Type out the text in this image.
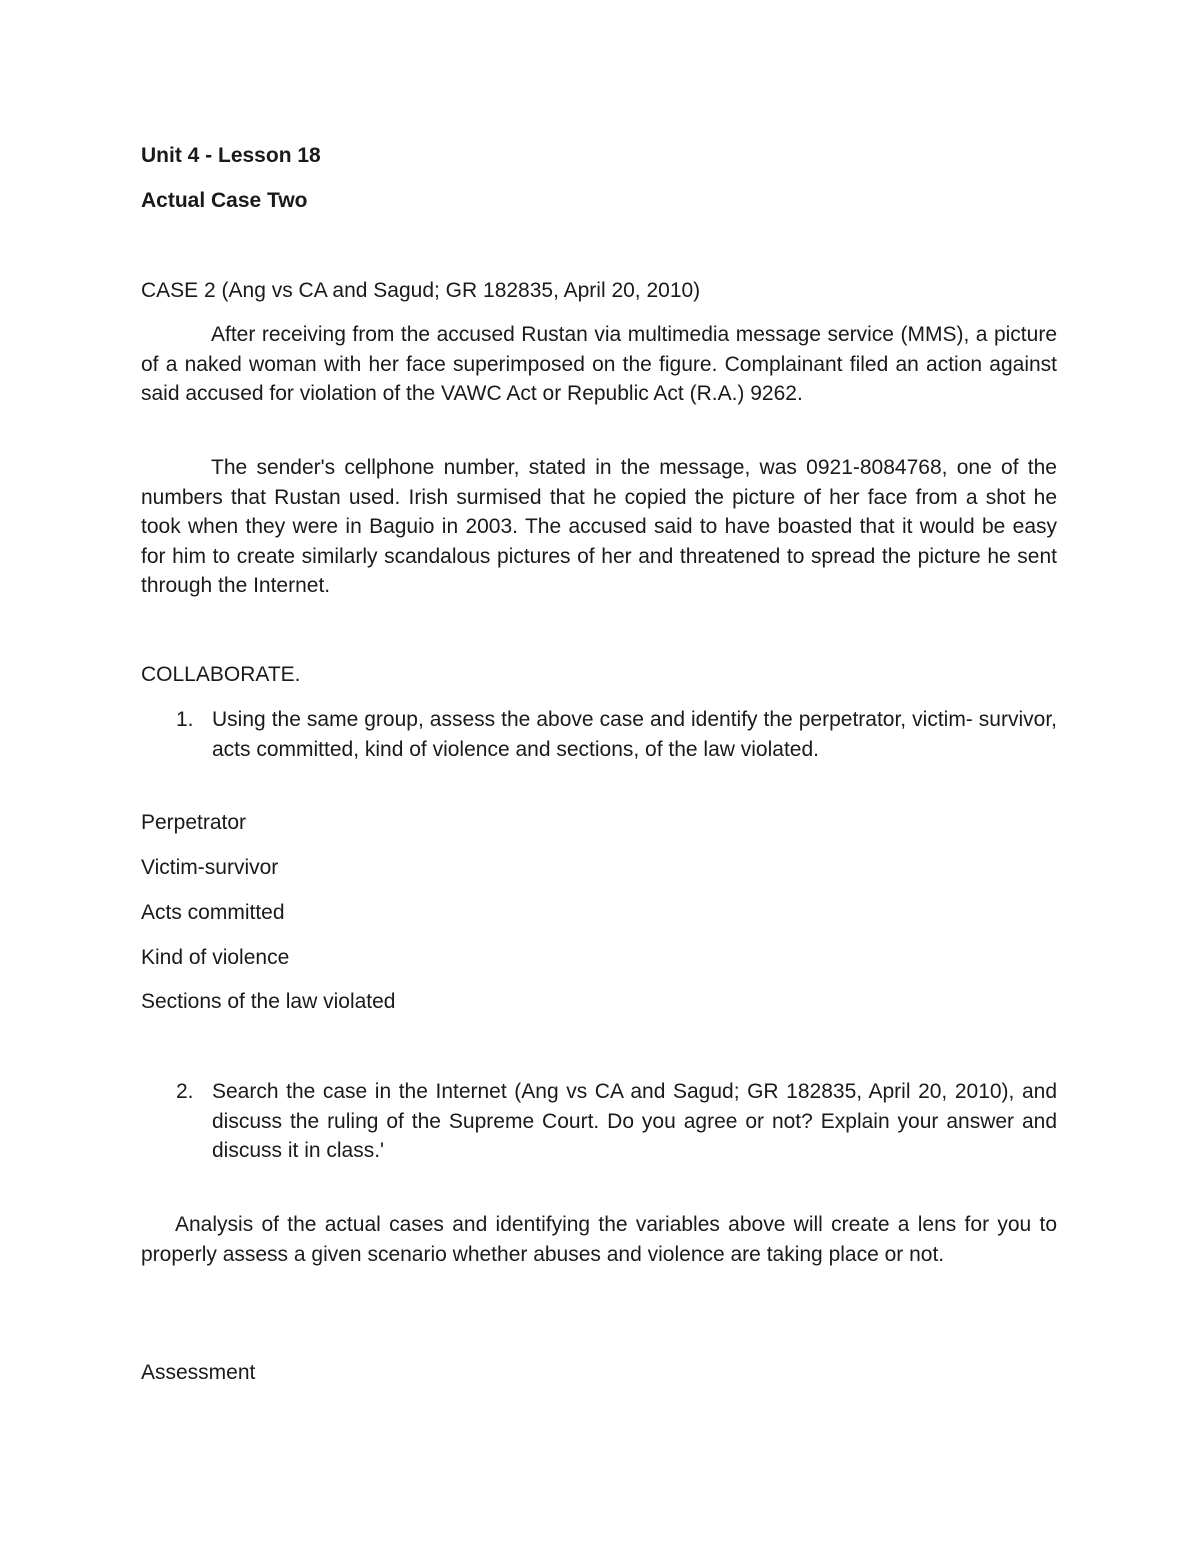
Unit 4 - Lesson 18

Actual Case Two

CASE 2 (Ang vs CA and Sagud; GR 182835, April 20, 2010)

After receiving from the accused Rustan via multimedia message service (MMS), a picture of a naked woman with her face superimposed on the figure. Complainant filed an action against said accused for violation of the VAWC Act or Republic Act (R.A.) 9262.

The sender's cellphone number, stated in the message, was 0921-8084768, one of the numbers that Rustan used. Irish surmised that he copied the picture of her face from a shot he took when they were in Baguio in 2003. The accused said to have boasted that it would be easy for him to create similarly scandalous pictures of her and threatened to spread the picture he sent through the Internet.

COLLABORATE.

1. Using the same group, assess the above case and identify the perpetrator, victim- survivor, acts committed, kind of violence and sections, of the law violated.

Perpetrator

Victim-survivor

Acts committed

Kind of violence

Sections of the law violated

2. Search the case in the Internet (Ang vs CA and Sagud; GR 182835, April 20, 2010), and discuss the ruling of the Supreme Court. Do you agree or not? Explain your answer and discuss it in class.'

Analysis of the actual cases and identifying the variables above will create a lens for you to properly assess a given scenario whether abuses and violence are taking place or not.

Assessment
